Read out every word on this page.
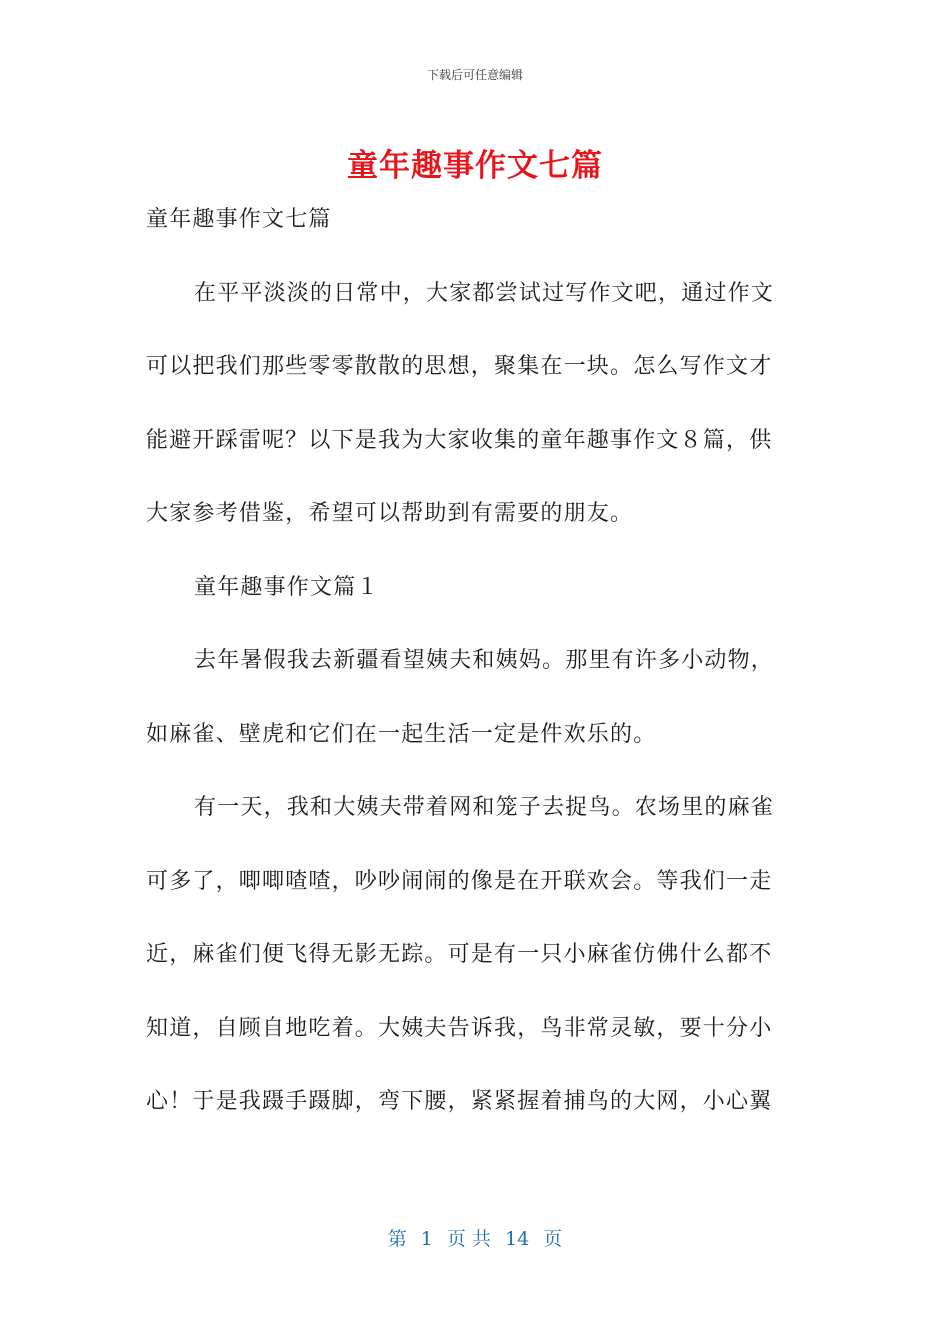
下载后可任意编辑
童年趣事作文七篇
童年趣事作文七篇
在平平淡淡的日常中，大家都尝试过写作文吧，通过作文
可以把我们那些零零散散的思想，聚集在一块。怎么写作文才
能避开踩雷呢？以下是我为大家收集的童年趣事作文８篇，供
大家参考借鉴，希望可以帮助到有需要的朋友。
童年趣事作文篇１
去年暑假我去新疆看望姨夫和姨妈。那里有许多小动物，
如麻雀、壁虎和它们在一起生活一定是件欢乐的。
有一天，我和大姨夫带着网和笼子去捉鸟。农场里的麻雀
可多了，唧唧喳喳，吵吵闹闹的像是在开联欢会。等我们一走
近，麻雀们便飞得无影无踪。可是有一只小麻雀仿佛什么都不
知道，自顾自地吃着。大姨夫告诉我，鸟非常灵敏，要十分小
心！于是我蹑手蹑脚，弯下腰，紧紧握着捕鸟的大网，小心翼
第 1 页 共 14 页
